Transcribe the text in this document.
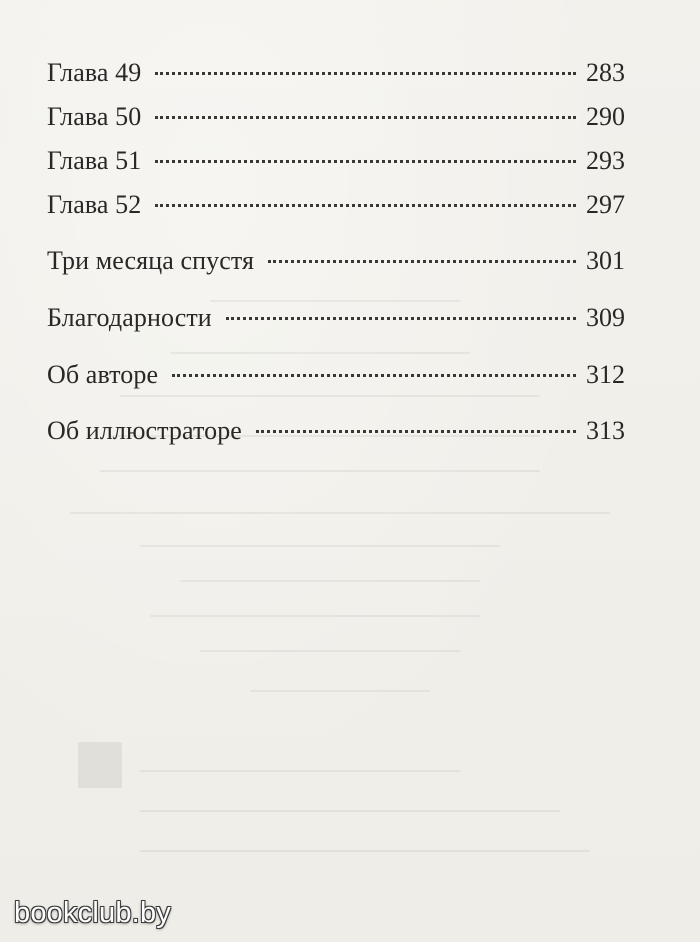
Глава 49	283
Глава 50	290
Глава 51	293
Глава 52	297
Три месяца спустя	301
Благодарности	309
Об авторе	312
Об иллюстраторе	313
bookclub.by
